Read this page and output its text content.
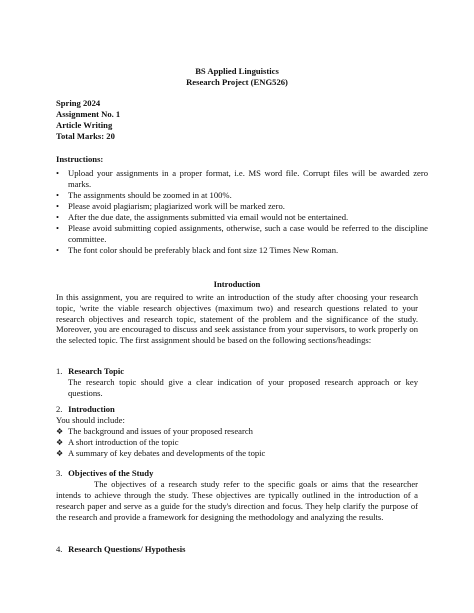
BS Applied Linguistics
Research Project (ENG526)
Spring 2024
Assignment No. 1
Article Writing
Total Marks: 20
Instructions:
•	Upload your assignments in a proper format, i.e. MS word file. Corrupt files will be awarded zero marks.
•	The assignments should be zoomed in at 100%.
•	Please avoid plagiarism; plagiarized work will be marked zero.
•	After the due date, the assignments submitted via email would not be entertained.
•	Please avoid submitting copied assignments, otherwise, such a case would be referred to the discipline committee.
•	The font color should be preferably black and font size 12 Times New Roman.
Introduction

In this assignment, you are required to write an introduction of the study after choosing your research topic, 'write the viable research objectives (maximum two) and research questions related to your research objectives and research topic, statement of the problem and the significance of the study. Moreover, you are encouraged to discuss and seek assistance from your supervisors, to work properly on the selected topic. The first assignment should be based on the following sections/headings:

1. Research Topic

The research topic should give a clear indication of your proposed research approach or key questions.

2. Introduction
You should include:
❖ The background and issues of your proposed research
❖ A short introduction of the topic
❖ A summary of key debates and developments of the topic
3. Objectives of the Study

The objectives of a research study refer to the specific goals or aims that the researcher intends to achieve through the study. These objectives are typically outlined in the introduction of a research paper and serve as a guide for the study's direction and focus. They help clarify the purpose of the research and provide a framework for designing the methodology and analyzing the results.

4. Research Questions/ Hypothesis
